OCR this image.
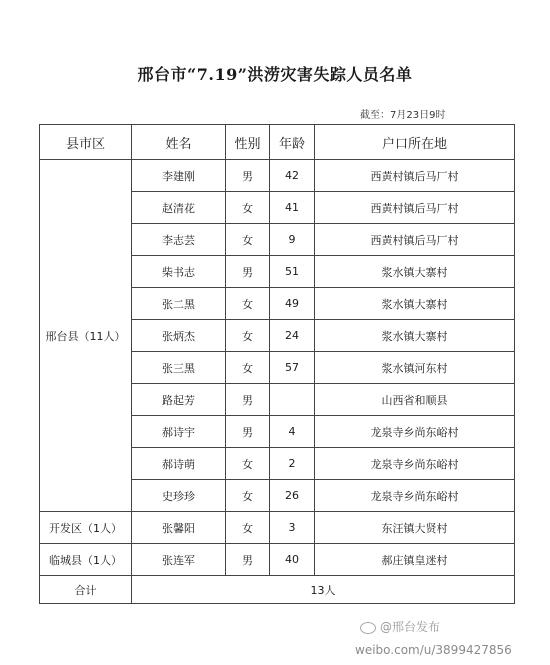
邢台市“7.19”洪涝灾害失踪人员名单
截至：7月23日9时
县市区	姓名	性别	年龄	户口所在地
邢台县（11人）	李建刚	男	42	西黄村镇后马厂村
	赵清花	女	41	西黄村镇后马厂村
	李志芸	女	9	西黄村镇后马厂村
	柴书志	男	51	浆水镇大寨村
	张二黑	女	49	浆水镇大寨村
	张炳杰	女	24	浆水镇大寨村
	张三黑	女	57	浆水镇河东村
	路起芳	男		山西省和顺县
	郝诗宇	男	4	龙泉寺乡尚东峪村
	郝诗萌	女	2	龙泉寺乡尚东峪村
	史珍珍	女	26	龙泉寺乡尚东峪村
开发区（1人）	张馨阳	女	3	东汪镇大贤村
临城县（1人）	张连军	男	40	郝庄镇皇迷村
合计	13人			
@邢台发布
weibo.com/u/3899427856
